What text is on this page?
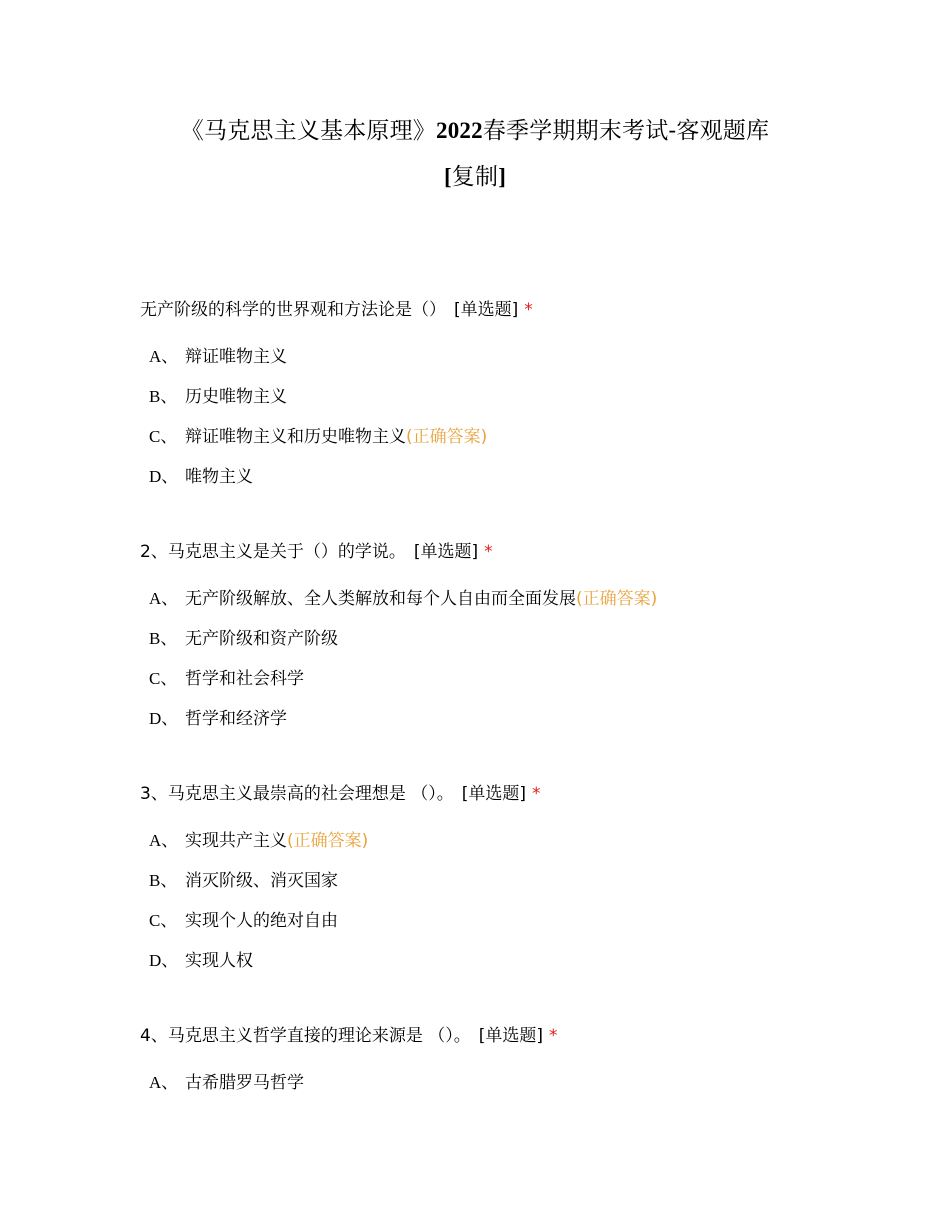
《马克思主义基本原理》2022春季学期期末考试-客观题库
[复制]
无产阶级的科学的世界观和方法论是（） [单选题] *
A、 辩证唯物主义
B、 历史唯物主义
C、 辩证唯物主义和历史唯物主义(正确答案)
D、 唯物主义
2、马克思主义是关于（）的学说。 [单选题] *
A、 无产阶级解放、全人类解放和每个人自由而全面发展(正确答案)
B、 无产阶级和资产阶级
C、 哲学和社会科学
D、 哲学和经济学
3、马克思主义最崇高的社会理想是 （）。 [单选题] *
A、 实现共产主义(正确答案)
B、 消灭阶级、消灭国家
C、 实现个人的绝对自由
D、 实现人权
4、马克思主义哲学直接的理论来源是 （）。 [单选题] *
A、 古希腊罗马哲学
